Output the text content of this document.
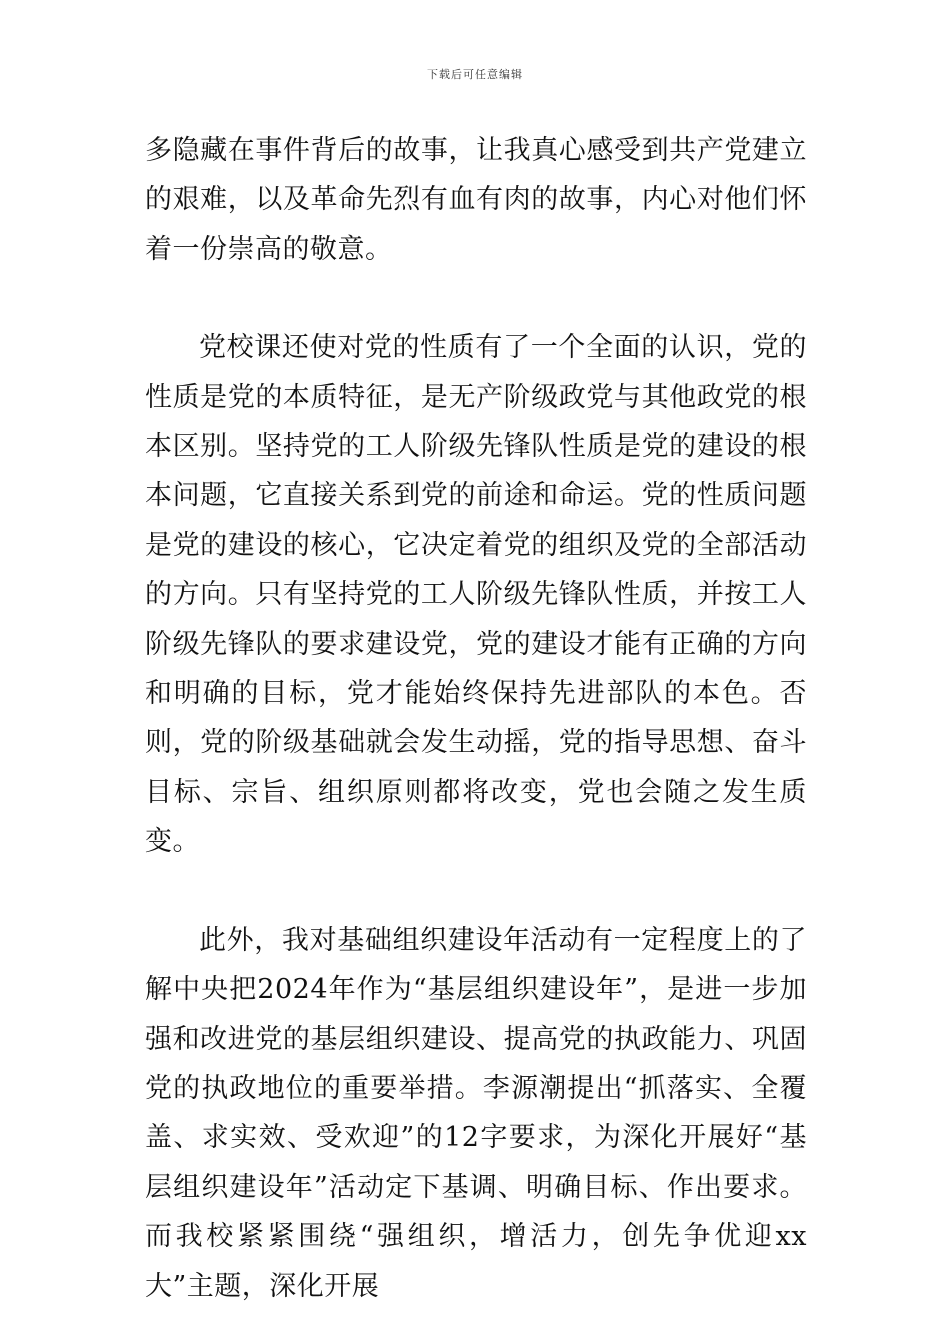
下载后可任意编辑

多隐藏在事件背后的故事，让我真心感受到共产党建立的艰难，以及革命先烈有血有肉的故事，内心对他们怀着一份崇高的敬意。

党校课还使对党的性质有了一个全面的认识，党的性质是党的本质特征，是无产阶级政党与其他政党的根本区别。坚持党的工人阶级先锋队性质是党的建设的根本问题，它直接关系到党的前途和命运。党的性质问题是党的建设的核心，它决定着党的组织及党的全部活动的方向。只有坚持党的工人阶级先锋队性质，并按工人阶级先锋队的要求建设党，党的建设才能有正确的方向和明确的目标，党才能始终保持先进部队的本色。否则，党的阶级基础就会发生动摇，党的指导思想、奋斗目标、宗旨、组织原则都将改变，党也会随之发生质变。

此外，我对基础组织建设年活动有一定程度上的了解中央把2024年作为“基层组织建设年”，是进一步加强和改进党的基层组织建设、提高党的执政能力、巩固党的执政地位的重要举措。李源潮提出“抓落实、全覆盖、求实效、受欢迎”的12字要求，为深化开展好“基层组织建设年”活动定下基调、明确目标、作出要求。而我校紧紧围绕“强组织，增活力，创先争优迎xx大”主题，深化开展
